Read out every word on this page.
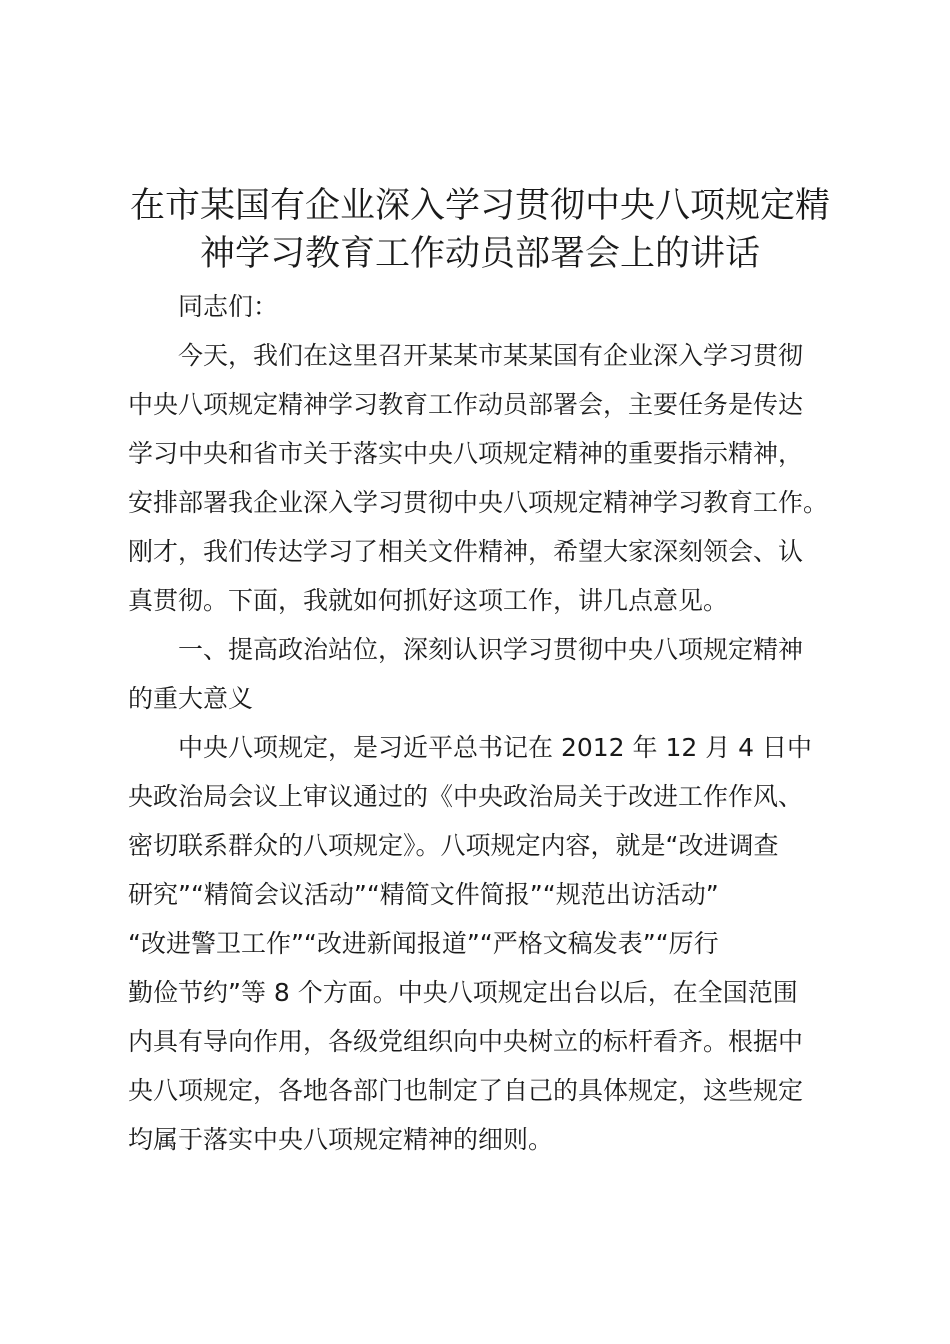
在市某国有企业深入学习贯彻中央八项规定精
神学习教育工作动员部署会上的讲话
同志们：
今天，我们在这里召开某某市某某国有企业深入学习贯彻
中央八项规定精神学习教育工作动员部署会，主要任务是传达
学习中央和省市关于落实中央八项规定精神的重要指示精神，
安排部署我企业深入学习贯彻中央八项规定精神学习教育工作。
刚才，我们传达学习了相关文件精神，希望大家深刻领会、认
真贯彻。下面，我就如何抓好这项工作，讲几点意见。
一、提高政治站位，深刻认识学习贯彻中央八项规定精神
的重大意义
中央八项规定，是习近平总书记在 2012 年 12 月 4 日中
央政治局会议上审议通过的《中央政治局关于改进工作作风、
密切联系群众的八项规定》。八项规定内容，就是“改进调查
研究”“精简会议活动”“精简文件简报”“规范出访活动”
“改进警卫工作”“改进新闻报道”“严格文稿发表”“厉行
勤俭节约”等 8 个方面。中央八项规定出台以后，在全国范围
内具有导向作用，各级党组织向中央树立的标杆看齐。根据中
央八项规定，各地各部门也制定了自己的具体规定，这些规定
均属于落实中央八项规定精神的细则。
